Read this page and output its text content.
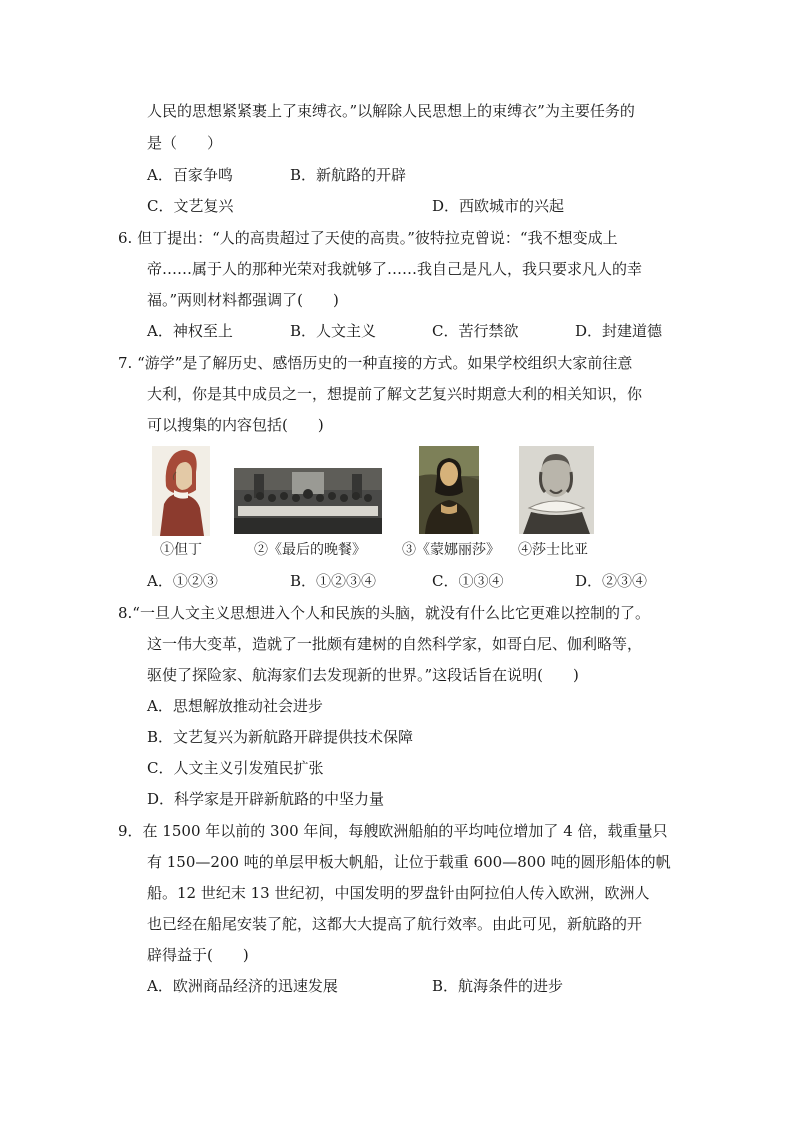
人民的思想紧紧裹上了束缚衣。”以解除人民思想上的束缚衣”为主要任务的
是（　　）
A．百家争鸣	B．新航路的开辟
C．文艺复兴	D．西欧城市的兴起
6. 但丁提出：“人的高贵超过了天使的高贵。”彼特拉克曾说：“我不想变成上
帝……属于人的那种光荣对我就够了……我自己是凡人，我只要求凡人的幸
福。”两则材料都强调了(　　)
A．神权至上	B．人文主义	C．苦行禁欲	D．封建道德
7. “游学”是了解历史、感悟历史的一种直接的方式。如果学校组织大家前往意
大利，你是其中成员之一，想提前了解文艺复兴时期意大利的相关知识，你
可以搜集的内容包括(　　)
①但丁	②《最后的晚餐》	③《蒙娜丽莎》 ④莎士比亚
A．①②③	B．①②③④	C．①③④	D．②③④
8.“一旦人文主义思想进入个人和民族的头脑，就没有什么比它更难以控制的了。
这一伟大变革，造就了一批颇有建树的自然科学家，如哥白尼、伽利略等，
驱使了探险家、航海家们去发现新的世界。”这段话旨在说明(　　)
A．思想解放推动社会进步
B．文艺复兴为新航路开辟提供技术保障
C．人文主义引发殖民扩张
D．科学家是开辟新航路的中坚力量
9．在 1500 年以前的 300 年间，每艘欧洲船舶的平均吨位增加了 4 倍，载重量只
有 150—200 吨的单层甲板大帆船，让位于载重 600—800 吨的圆形船体的帆
船。12 世纪末 13 世纪初，中国发明的罗盘针由阿拉伯人传入欧洲，欧洲人
也已经在船尾安装了舵，这都大大提高了航行效率。由此可见，新航路的开
辟得益于(　　)
A．欧洲商品经济的迅速发展	B．航海条件的进步
